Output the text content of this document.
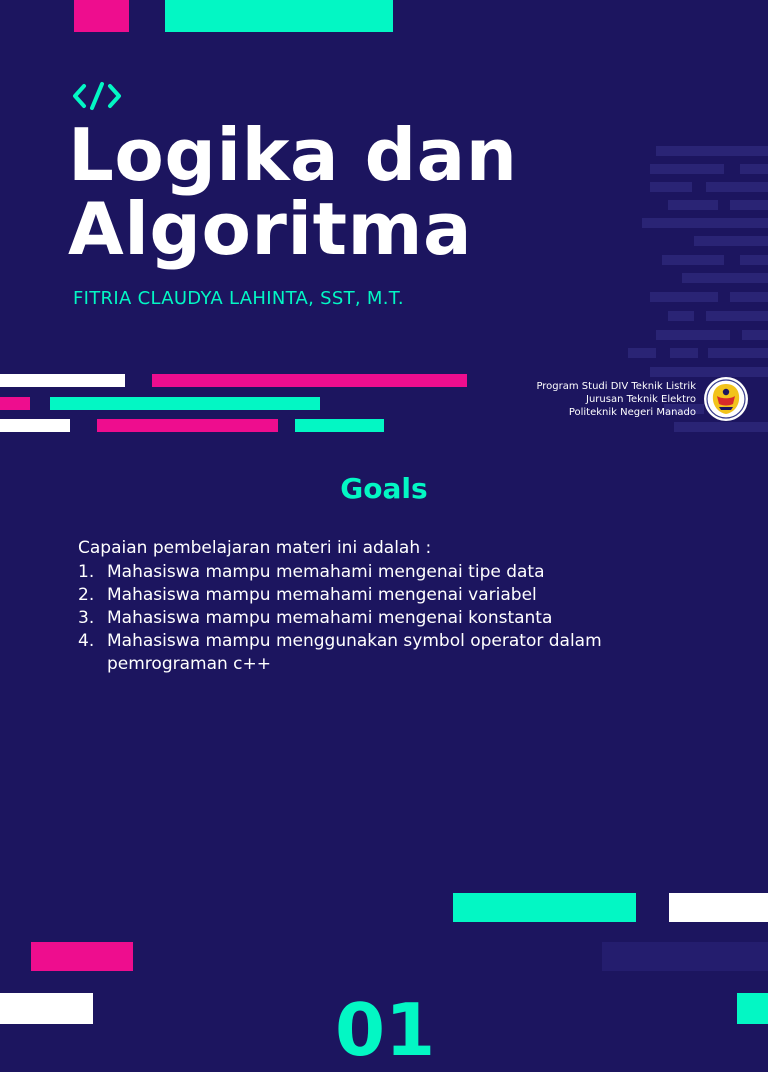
Logika dan
Algoritma
FITRIA CLAUDYA LAHINTA, SST, M.T.
Program Studi DIV Teknik Listrik
Jurusan Teknik Elektro
Politeknik Negeri Manado
Goals
Capaian pembelajaran materi ini adalah :
1. Mahasiswa mampu memahami mengenai tipe data
2. Mahasiswa mampu memahami mengenai variabel
3. Mahasiswa mampu memahami mengenai konstanta
4. Mahasiswa mampu menggunakan symbol operator dalam pemrograman c++
01
